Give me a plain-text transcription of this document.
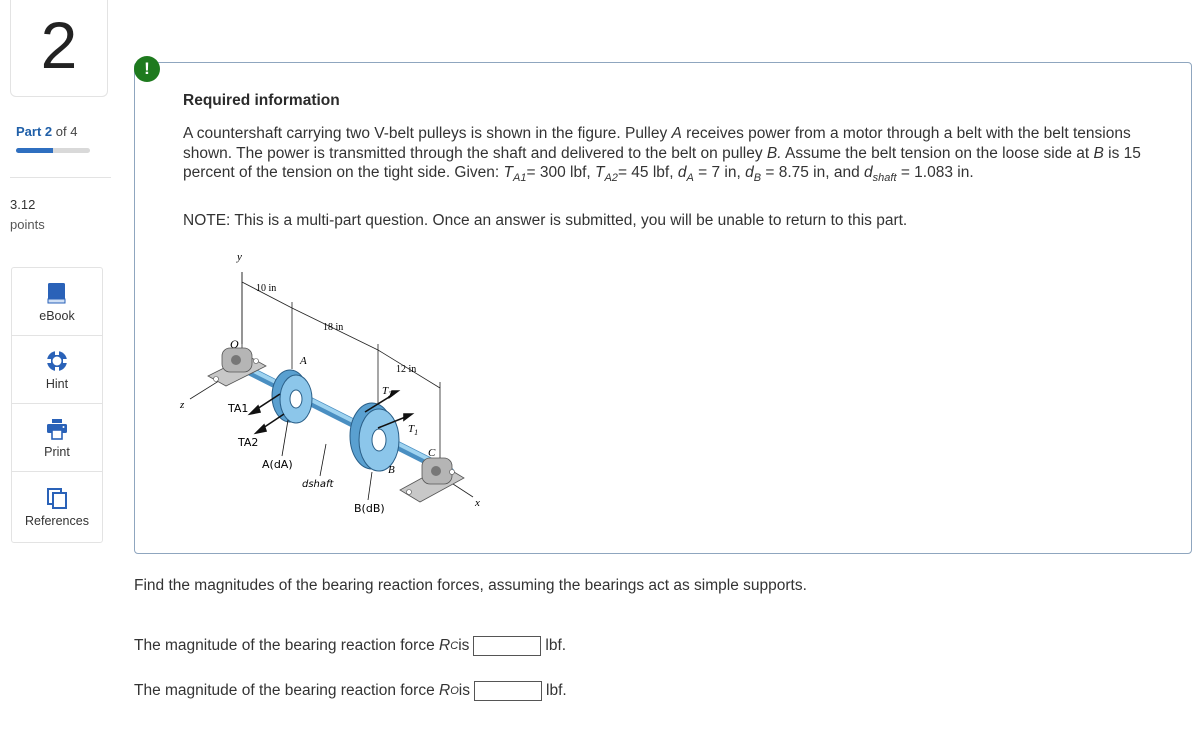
2
Part 2 of 4
3.12
points
eBook
Hint
Print
References
!
Required information
A countershaft carrying two V-belt pulleys is shown in the figure. Pulley A receives power from a motor through a belt with the belt tensions shown. The power is transmitted through the shaft and delivered to the belt on pulley B. Assume the belt tension on the loose side at B is 15 percent of the tension on the tight side. Given: $T_{A1}= 300$ lbf, $T_{A2}= 45$ lbf, $d_A = 7$ in, $d_B = 8.75$ in, and $d_{shaft} = 1.083$ in.
NOTE: This is a multi-part question. Once an answer is submitted, you will be unable to return to this part.
10 in
18 in
12 in
y
z
x
O
A
B
C
$T_2$
$T_1$
TA1
TA2
A(dA)
dshaft
B(dB)
Find the magnitudes of the bearing reaction forces, assuming the bearings act as simple supports.
The magnitude of the bearing reaction force
R C is	lbf.
The magnitude of the bearing reaction force
R O is	lbf.
